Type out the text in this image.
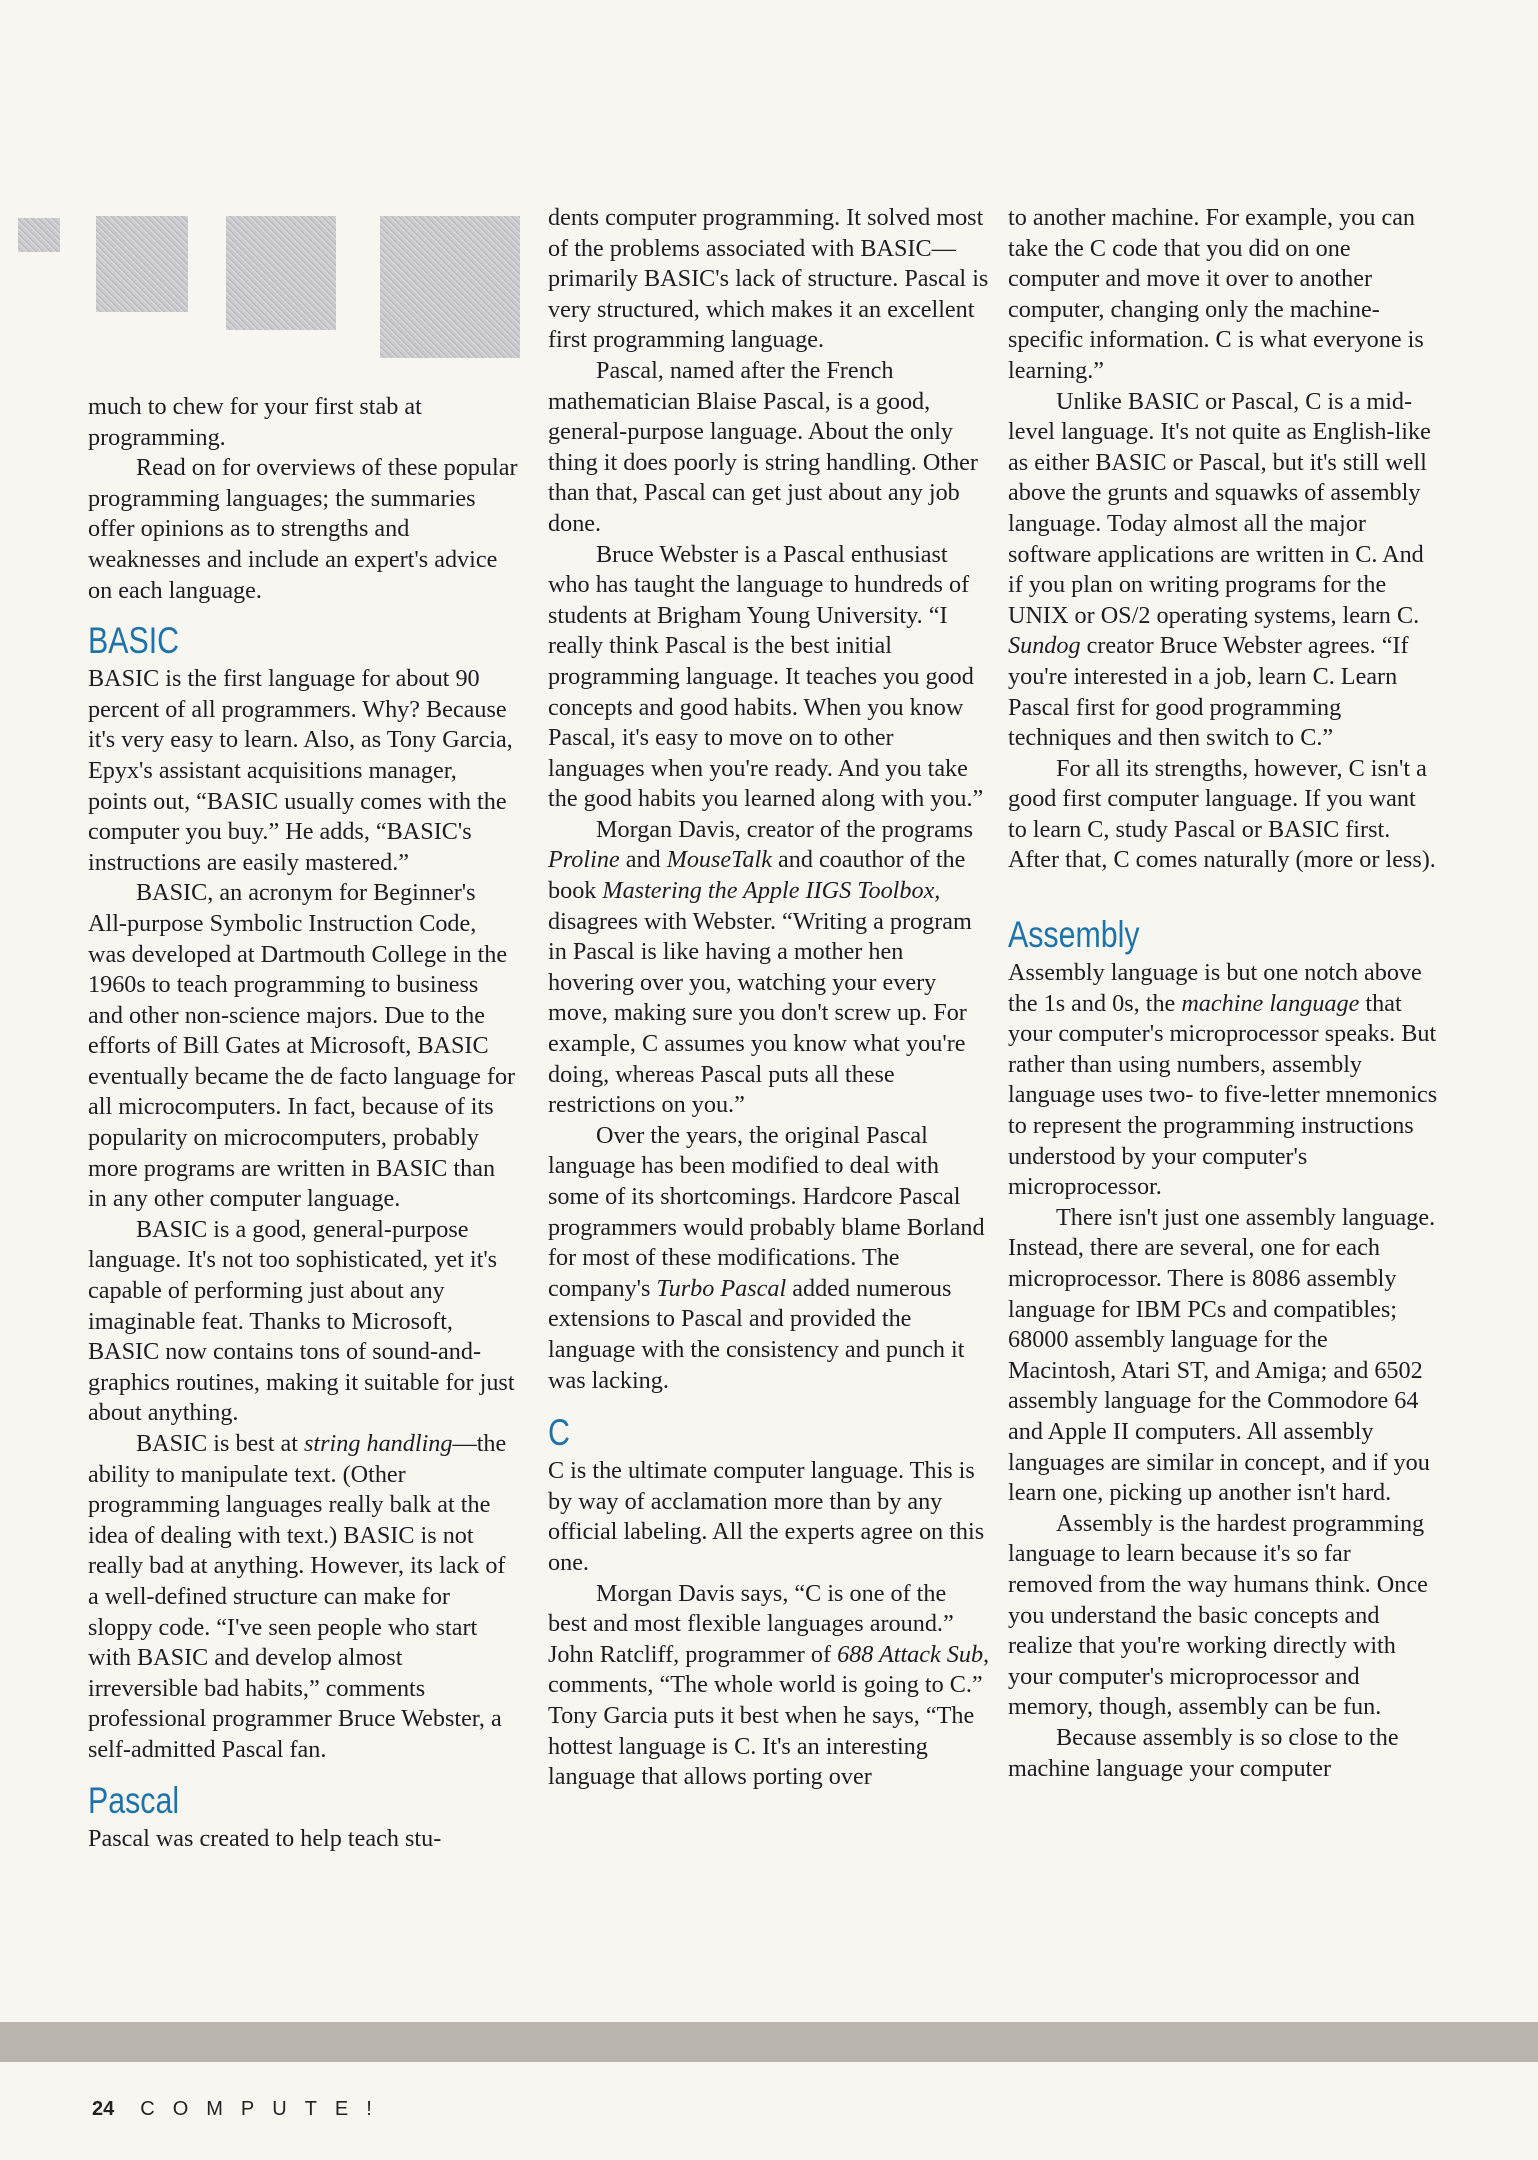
much to chew for your first stab at programming.

Read on for overviews of these popular programming languages; the summaries offer opinions as to strengths and weaknesses and include an expert's advice on each language.

BASIC

BASIC is the first language for about 90 percent of all programmers. Why? Because it's very easy to learn. Also, as Tony Garcia, Epyx's assistant acquisitions manager, points out, “BASIC usually comes with the computer you buy.” He adds, “BASIC's instructions are easily mastered.”

BASIC, an acronym for Beginner's All-purpose Symbolic Instruction Code, was developed at Dartmouth College in the 1960s to teach programming to business and other non-science majors. Due to the efforts of Bill Gates at Microsoft, BASIC eventually became the de facto language for all microcomputers. In fact, because of its popularity on microcomputers, probably more programs are written in BASIC than in any other computer language.

BASIC is a good, general-purpose language. It's not too sophisticated, yet it's capable of performing just about any imaginable feat. Thanks to Microsoft, BASIC now contains tons of sound-and-graphics routines, making it suitable for just about anything.

BASIC is best at string handling—the ability to manipulate text. (Other programming languages really balk at the idea of dealing with text.) BASIC is not really bad at anything. However, its lack of a well-defined structure can make for sloppy code. “I've seen people who start with BASIC and develop almost irreversible bad habits,” comments professional programmer Bruce Webster, a self-admitted Pascal fan.

Pascal

Pascal was created to help teach stu-

dents computer programming. It solved most of the problems associated with BASIC—primarily BASIC's lack of structure. Pascal is very structured, which makes it an excellent first programming language.

Pascal, named after the French mathematician Blaise Pascal, is a good, general-purpose language. About the only thing it does poorly is string handling. Other than that, Pascal can get just about any job done.

Bruce Webster is a Pascal enthusiast who has taught the language to hundreds of students at Brigham Young University. “I really think Pascal is the best initial programming language. It teaches you good concepts and good habits. When you know Pascal, it's easy to move on to other languages when you're ready. And you take the good habits you learned along with you.”

Morgan Davis, creator of the programs Proline and MouseTalk and coauthor of the book Mastering the Apple IIGS Toolbox, disagrees with Webster. “Writing a program in Pascal is like having a mother hen hovering over you, watching your every move, making sure you don't screw up. For example, C assumes you know what you're doing, whereas Pascal puts all these restrictions on you.”

Over the years, the original Pascal language has been modified to deal with some of its shortcomings. Hardcore Pascal programmers would probably blame Borland for most of these modifications. The company's Turbo Pascal added numerous extensions to Pascal and provided the language with the consistency and punch it was lacking.

C

C is the ultimate computer language. This is by way of acclamation more than by any official labeling. All the experts agree on this one.

Morgan Davis says, “C is one of the best and most flexible languages around.” John Ratcliff, programmer of 688 Attack Sub, comments, “The whole world is going to C.” Tony Garcia puts it best when he says, “The hottest language is C. It's an interesting language that allows porting over

to another machine. For example, you can take the C code that you did on one computer and move it over to another computer, changing only the machine-specific information. C is what everyone is learning.”

Unlike BASIC or Pascal, C is a mid-level language. It's not quite as English-like as either BASIC or Pascal, but it's still well above the grunts and squawks of assembly language. Today almost all the major software applications are written in C. And if you plan on writing programs for the UNIX or OS/2 operating systems, learn C. Sundog creator Bruce Webster agrees. “If you're interested in a job, learn C. Learn Pascal first for good programming techniques and then switch to C.”

For all its strengths, however, C isn't a good first computer language. If you want to learn C, study Pascal or BASIC first. After that, C comes naturally (more or less).

Assembly

Assembly language is but one notch above the 1s and 0s, the machine language that your computer's microprocessor speaks. But rather than using numbers, assembly language uses two- to five-letter mnemonics to represent the programming instructions understood by your computer's microprocessor.

There isn't just one assembly language. Instead, there are several, one for each microprocessor. There is 8086 assembly language for IBM PCs and compatibles; 68000 assembly language for the Macintosh, Atari ST, and Amiga; and 6502 assembly language for the Commodore 64 and Apple II computers. All assembly languages are similar in concept, and if you learn one, picking up another isn't hard.

Assembly is the hardest programming language to learn because it's so far removed from the way humans think. Once you understand the basic concepts and realize that you're working directly with your computer's microprocessor and memory, though, assembly can be fun.

Because assembly is so close to the machine language your computer

24 COMPUTE!
